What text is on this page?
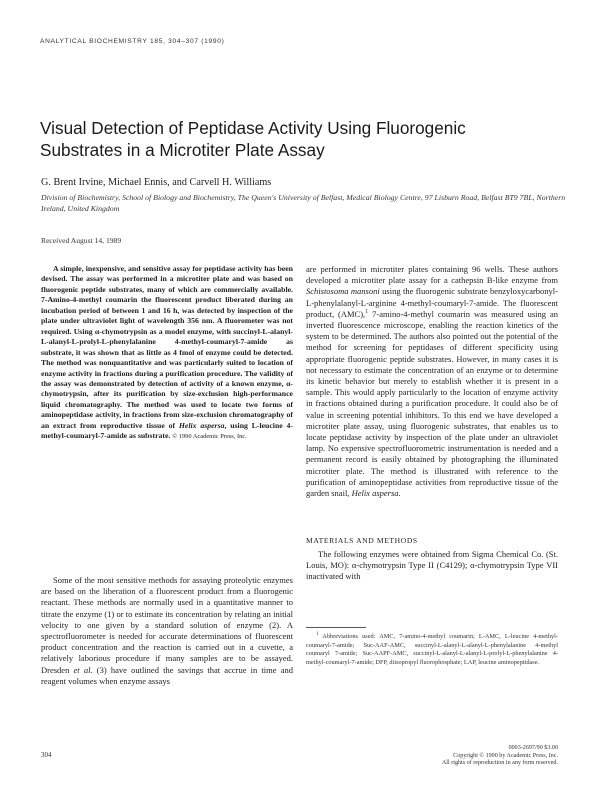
ANALYTICAL BIOCHEMISTRY 185, 304–307 (1990)
Visual Detection of Peptidase Activity Using Fluorogenic Substrates in a Microtiter Plate Assay
G. Brent Irvine, Michael Ennis, and Carvell H. Williams
Division of Biochemistry, School of Biology and Biochemistry, The Queen's University of Belfast, Medical Biology Centre, 97 Lisburn Road, Belfast BT9 7BL, Northern Ireland, United Kingdom
Received August 14, 1989

A simple, inexpensive, and sensitive assay for peptidase activity has been devised. The assay was performed in a microtiter plate and was based on fluorogenic peptide substrates, many of which are commercially available. 7-Amino-4-methyl coumarin the fluorescent product liberated during an incubation period of between 1 and 16 h, was detected by inspection of the plate under ultraviolet light of wavelength 356 nm. A fluorometer was not required. Using α-chymotrypsin as a model enzyme, with succinyl-L-alanyl-L-alanyl-L-prolyl-L-phenylalanine 4-methyl-coumaryl-7-amide as substrate, it was shown that as little as 4 fmol of enzyme could be detected. The method was nonquantitative and was particularly suited to location of enzyme activity in fractions during a purification procedure. The validity of the assay was demonstrated by detection of activity of a known enzyme, α-chymotrypsin, after its purification by size-exclusion high-performance liquid chromatography. The method was used to locate two forms of aminopeptidase activity, in fractions from size-exclusion chromatography of an extract from reproductive tissue of Helix aspersa, using L-leucine 4-methyl-coumaryl-7-amide as substrate. © 1990 Academic Press, Inc.

Some of the most sensitive methods for assaying proteolytic enzymes are based on the liberation of a fluorescent product from a fluorogenic reactant. These methods are normally used in a quantitative manner to titrate the enzyme (1) or to estimate its concentration by relating an initial velocity to one given by a standard solution of enzyme (2). A spectrofluorometer is needed for accurate determinations of fluorescent product concentration and the reaction is carried out in a cuvette, a relatively laborious procedure if many samples are to be assayed. Dresden et al. (3) have outlined the savings that accrue in time and reagent volumes when enzyme assays

are performed in microtiter plates containing 96 wells. These authors developed a microtiter plate assay for a cathepsin B-like enzyme from Schistosoma mansoni using the fluorogenic substrate benzyloxycarbonyl-L-phenylalanyl-L-arginine 4-methyl-coumaryl-7-amide. The fluorescent product, (AMC),$^1$ 7-amino-4-methyl coumarin was measured using an inverted fluorescence microscope, enabling the reaction kinetics of the system to be determined. The authors also pointed out the potential of the method for screening for peptidases of different specificity using appropriate fluorogenic peptide substrates. However, in many cases it is not necessary to estimate the concentration of an enzyme or to determine its kinetic behavior but merely to establish whether it is present in a sample. This would apply particularly to the location of enzyme activity in fractions obtained during a purification procedure. It could also be of value in screening potential inhibitors. To this end we have developed a microtiter plate assay, using fluorogenic substrates, that enables us to locate peptidase activity by inspection of the plate under an ultraviolet lamp. No expensive spectrofluorometric instrumentation is needed and a permanent record is easily obtained by photographing the illuminated microtiter plate. The method is illustrated with reference to the purification of aminopeptidase activities from reproductive tissue of the garden snail, Helix aspersa.

MATERIALS AND METHODS

The following enzymes were obtained from Sigma Chemical Co. (St. Louis, MO): α-chymotrypsin Type II (C4129); α-chymotrypsin Type VII inactivated with

$^1$ Abbreviations used: AMC, 7-amino-4-methyl coumarin; L-AMC, L-leucine 4-methyl-coumaryl-7-amide; Suc-AAF-AMC, succinyl-L-alanyl-L-alanyl-L-phenylalanine 4-methyl coumaryl 7-amide; Suc-AAPF-AMC, succinyl-L-alanyl-L-alanyl-L-prolyl-L-phenylalanine 4-methyl-coumaryl-7-amide; DFP, diisopropyl fluorophosphate; LAP, leucine aminopeptidase.

304
0003-2697/90 $3.00
Copyright © 1990 by Academic Press, Inc.
All rights of reproduction in any form reserved.
